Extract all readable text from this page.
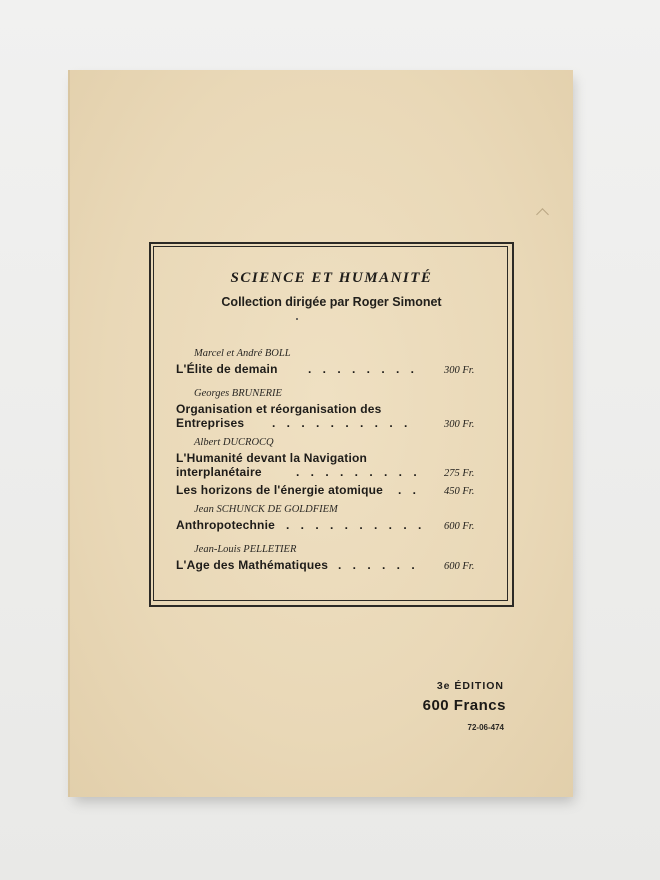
SCIENCE ET HUMANITÉ
Collection dirigée par Roger Simonet
Marcel et André BOLL
L'Élite de demain	. . . . . . . . 300 Fr.
Georges BRUNERIE
Organisation et réorganisation des
Entreprises . . . . . . . . . .	300 Fr.
Albert DUCROCQ
L'Humanité devant la Navigation
interplanétaire	. . . . . . . . . 275 Fr.
Les horizons de l'énergie atomique . . 450 Fr.
Jean SCHUNCK DE GOLDFIEM
Anthropotechnie . . . . . . . . . . 600 Fr.
Jean-Louis PELLETIER
L'Age des Mathématiques . . . . . . 600 Fr.
3e ÉDITION
600 Francs
72-06-474
